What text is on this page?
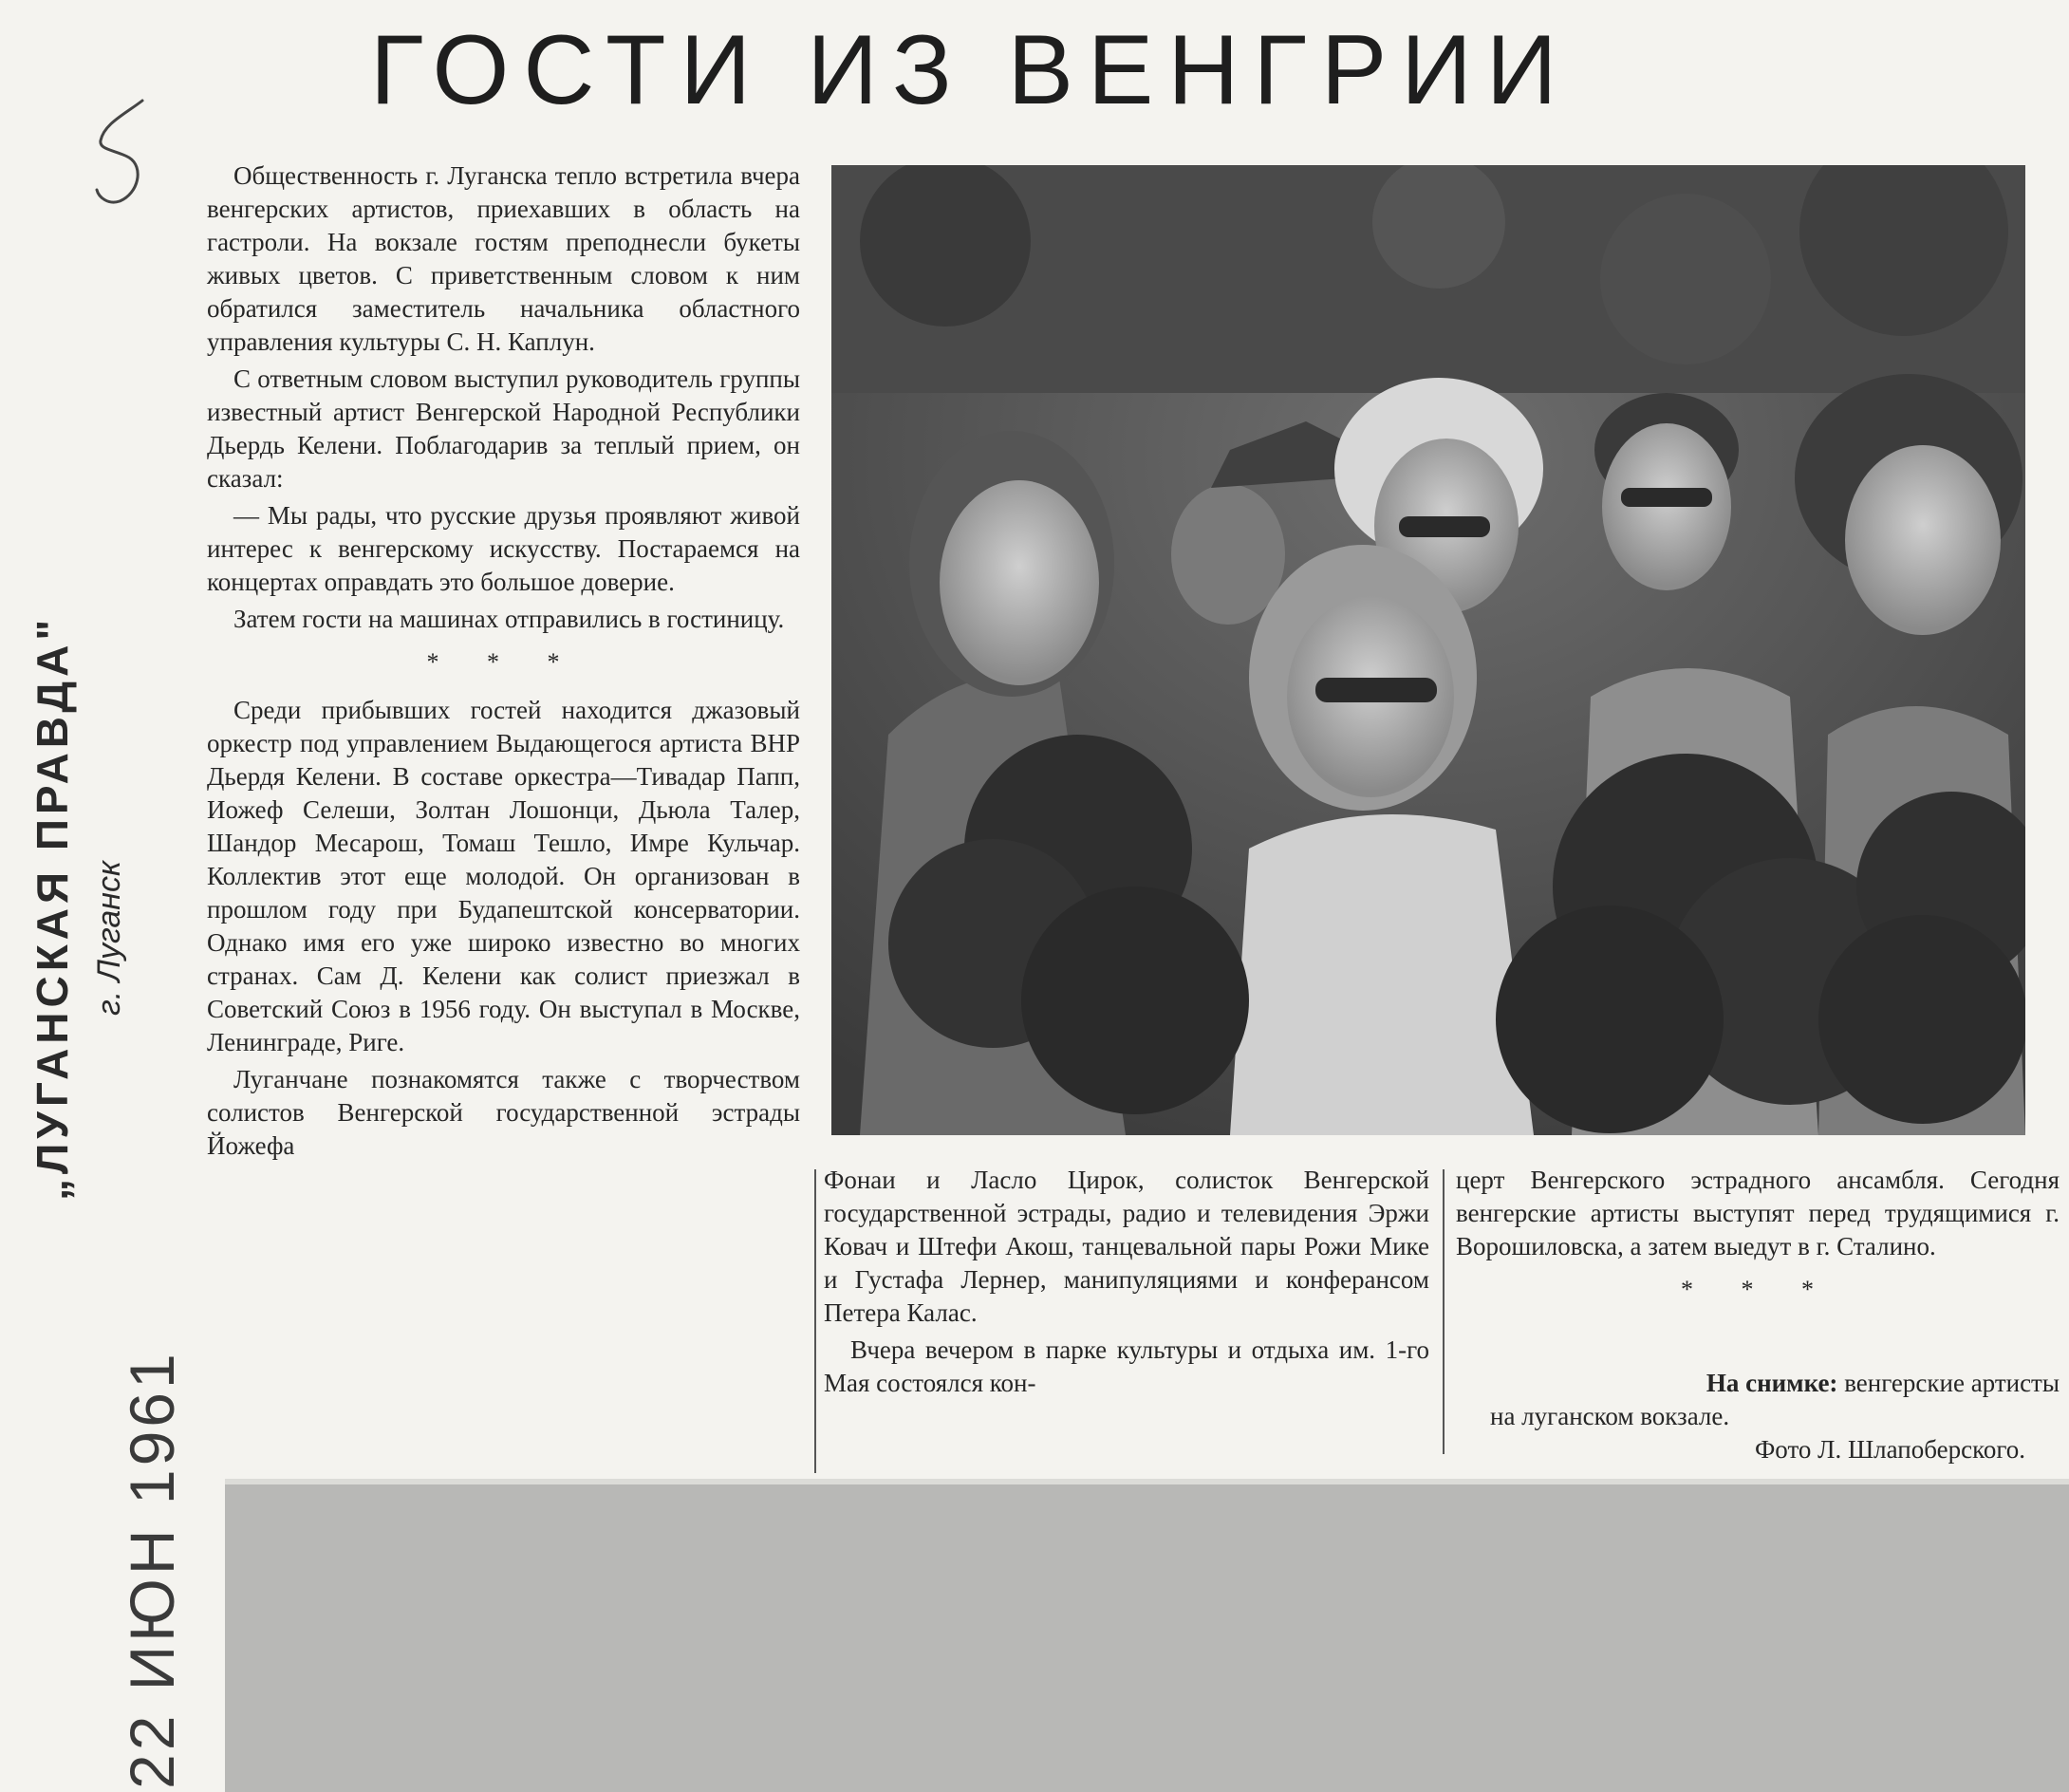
ГОСТИ ИЗ ВЕНГРИИ

Общественность г. Луганска тепло встретила вчера венгерских артистов, приехавших в область на гастроли. На вокзале гостям преподнесли букеты живых цветов. С приветственным словом к ним обратился заместитель начальника областного управления культуры С. Н. Каплун.

С ответным словом выступил руководитель группы известный артист Венгерской Народной Республики Дьердь Келени. Поблагодарив за теплый прием, он сказал:

— Мы рады, что русские друзья проявляют живой интерес к венгерскому искусству. Постараемся на концертах оправдать это большое доверие.

Затем гости на машинах отправились в гостиницу.

* * *

Среди прибывших гостей находится джазовый оркестр под управлением Выдающегося артиста ВНР Дьердя Келени. В составе оркестра—Тивадар Папп, Иожеф Селеши, Золтан Лошонци, Дьюла Талер, Шандор Месарош, Томаш Тешло, Имре Кульчар. Коллектив этот еще молодой. Он организован в прошлом году при Будапештской консерватории. Однако имя его уже широко известно во многих странах. Сам Д. Келени как солист приезжал в Советский Союз в 1956 году. Он выступал в Москве, Ленинграде, Риге.

Луганчане познакомятся также с творчеством солистов Венгерской государственной эстрады Йожефа

Фонаи и Ласло Цирок, солисток Венгерской государственной эстрады, радио и телевидения Эржи Ковач и Штефи Акош, танцевальной пары Рожи Мике и Густафа Лернер, манипуляциями и конферансом Петера Калас.

Вчера вечером в парке культуры и отдыха им. 1-го Мая состоялся кон-

церт Венгерского эстрадного ансамбля. Сегодня венгерские артисты выступят перед трудящимися г. Ворошиловска, а затем выедут в г. Сталино.

* * *

На снимке: венгерские артисты

на луганском вокзале.

Фото Л. Шлапоберского.

„ЛУГАНСКАЯ ПРАВДА" г. Луганск
22 ИЮН 1961
